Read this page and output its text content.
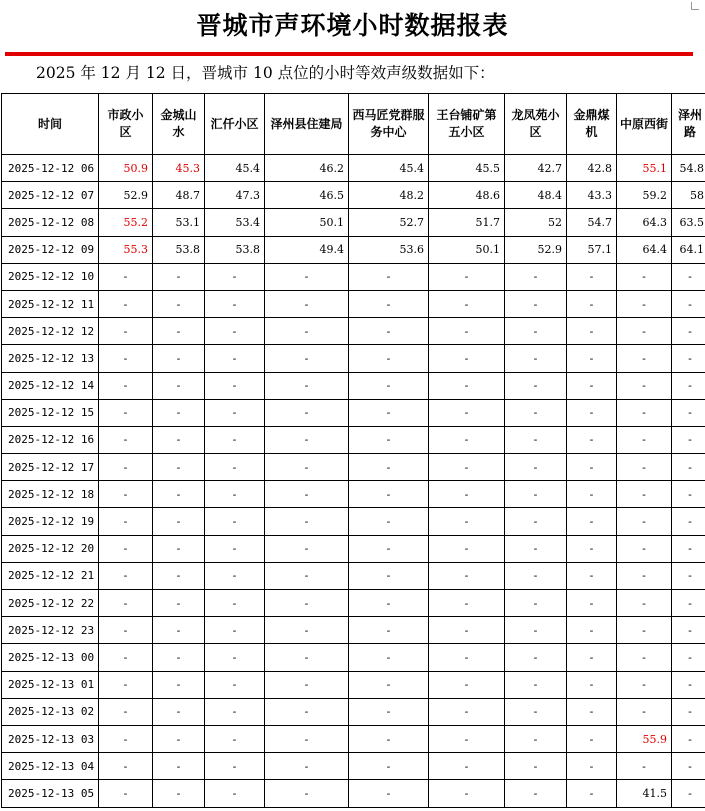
晋城市声环境小时数据报表
2025 年 12 月 12 日，晋城市 10 点位的小时等效声级数据如下：
时间	市政小区	金城山水	汇仟小区	泽州县住建局	西马匠党群服务中心	王台铺矿第五小区	龙凤苑小区	金鼎煤机	中原西街	泽州路
2025-12-12 06	50.9	45.3	45.4	46.2	45.4	45.5	42.7	42.8	55.1	54.8
2025-12-12 07	52.9	48.7	47.3	46.5	48.2	48.6	48.4	43.3	59.2	58
2025-12-12 08	55.2	53.1	53.4	50.1	52.7	51.7	52	54.7	64.3	63.5
2025-12-12 09	55.3	53.8	53.8	49.4	53.6	50.1	52.9	57.1	64.4	64.1
2025-12-12 10	-	-	-	-	-	-	-	-	-	-
2025-12-12 11	-	-	-	-	-	-	-	-	-	-
2025-12-12 12	-	-	-	-	-	-	-	-	-	-
2025-12-12 13	-	-	-	-	-	-	-	-	-	-
2025-12-12 14	-	-	-	-	-	-	-	-	-	-
2025-12-12 15	-	-	-	-	-	-	-	-	-	-
2025-12-12 16	-	-	-	-	-	-	-	-	-	-
2025-12-12 17	-	-	-	-	-	-	-	-	-	-
2025-12-12 18	-	-	-	-	-	-	-	-	-	-
2025-12-12 19	-	-	-	-	-	-	-	-	-	-
2025-12-12 20	-	-	-	-	-	-	-	-	-	-
2025-12-12 21	-	-	-	-	-	-	-	-	-	-
2025-12-12 22	-	-	-	-	-	-	-	-	-	-
2025-12-12 23	-	-	-	-	-	-	-	-	-	-
2025-12-13 00	-	-	-	-	-	-	-	-	-	-
2025-12-13 01	-	-	-	-	-	-	-	-	-	-
2025-12-13 02	-	-	-	-	-	-	-	-	-	-
2025-12-13 03	-	-	-	-	-	-	-	-	55.9	-
2025-12-13 04	-	-	-	-	-	-	-	-	-	-
2025-12-13 05	-	-	-	-	-	-	-	-	41.5	-
